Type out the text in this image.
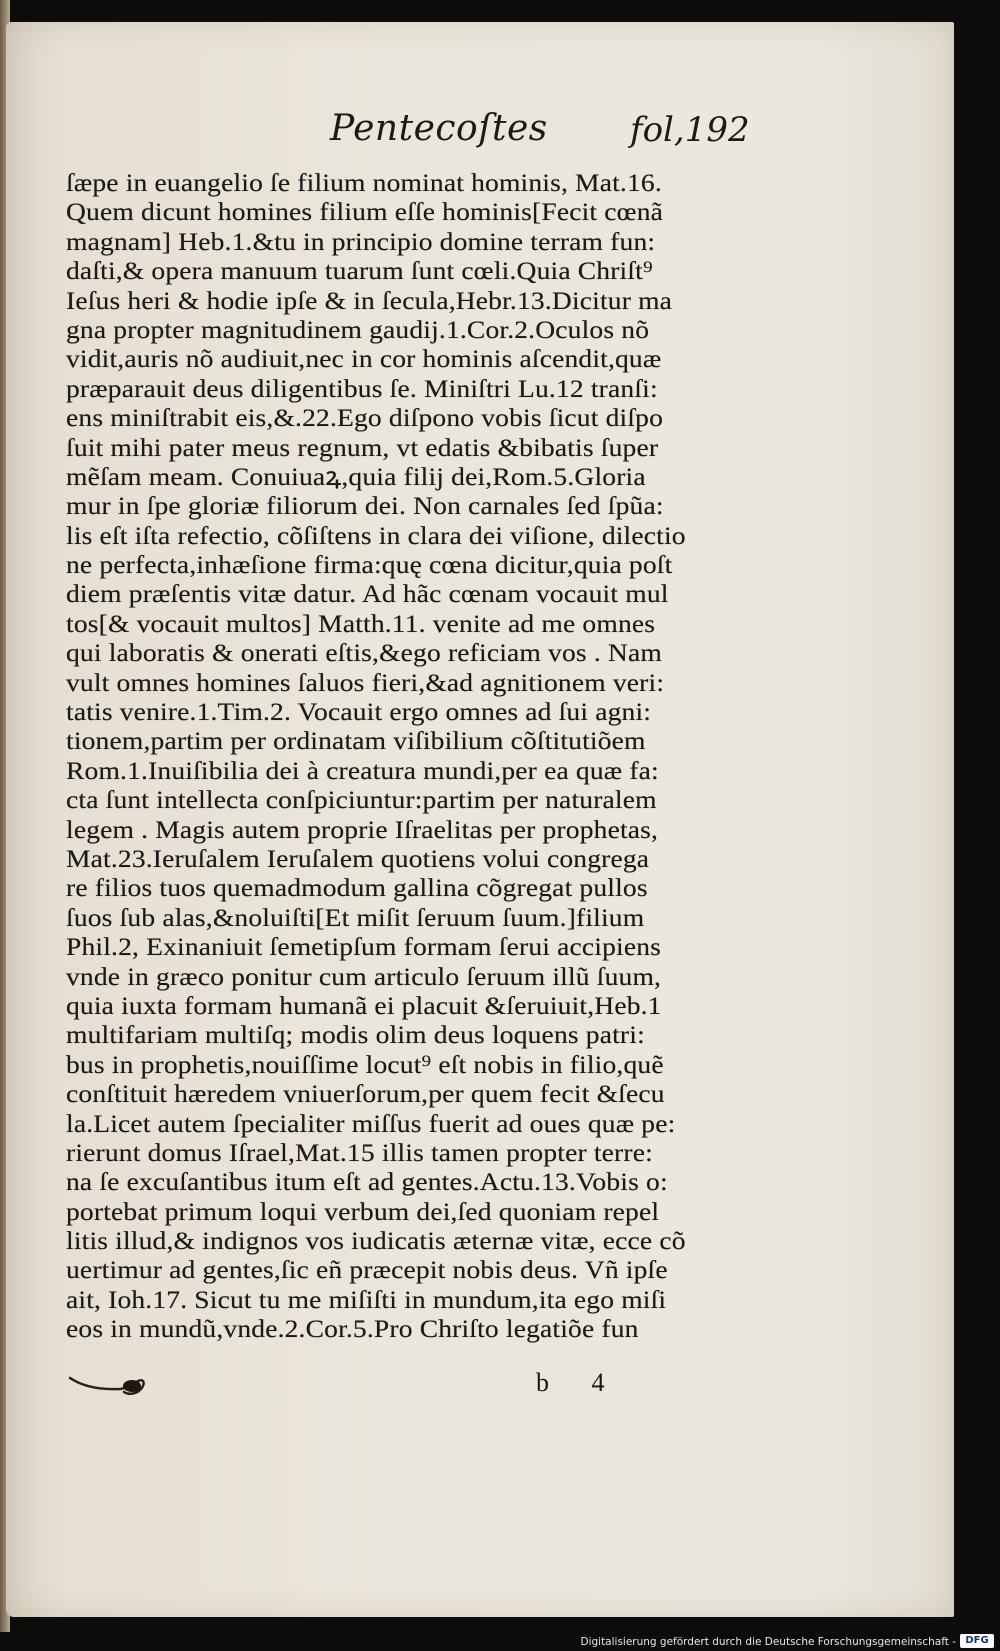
Pentecoſtes fol,192
ſæpe in euangelio ſe filium nominat hominis, Mat.16.
Quem dicunt homines filium eſſe hominis[Fecit cœnã
magnam] Heb.1.&tu in principio domine terram fun:
daſti,& opera manuum tuarum ſunt cœli.Quia Chriſt⁹
Ieſus heri & hodie ipſe & in ſecula,Hebr.13.Dicitur ma
gna propter magnitudinem gaudij.1.Cor.2.Oculos nõ
vidit,auris nõ audiuit,nec in cor hominis aſcendit,quæ
præparauit deus diligentibus ſe. Miniſtri Lu.12 tranſi:
ens miniſtrabit eis,&.22.Ego diſpono vobis ſicut diſpo
ſuit mihi pater meus regnum, vt edatis &bibatis ſuper
mẽſam meam. Conuiuaꝝ,quia filij dei,Rom.5.Gloria
mur in ſpe gloriæ filiorum dei. Non carnales ſed ſpũa:
lis eſt iſta refectio, cõſiſtens in clara dei viſione, dilectio
ne perfecta,inhæſione firma:quę cœna dicitur,quia poſt
diem præſentis vitæ datur. Ad hãc cœnam vocauit mul
tos[& vocauit multos] Matth.11. venite ad me omnes
qui laboratis & onerati eſtis,&ego reficiam vos . Nam
vult omnes homines ſaluos fieri,&ad agnitionem veri:
tatis venire.1.Tim.2. Vocauit ergo omnes ad ſui agni:
tionem,partim per ordinatam viſibilium cõſtitutiõem
Rom.1.Inuiſibilia dei à creatura mundi,per ea quæ fa:
cta ſunt intellecta conſpiciuntur:partim per naturalem
legem . Magis autem proprie Iſraelitas per prophetas,
Mat.23.Ieruſalem Ieruſalem quotiens volui congrega
re filios tuos quemadmodum gallina cõgregat pullos
ſuos ſub alas,&noluiſti[Et miſit ſeruum ſuum.]filium
Phil.2, Exinaniuit ſemetipſum formam ſerui accipiens
vnde in græco ponitur cum articulo ſeruum illũ ſuum,
quia iuxta formam humanã ei placuit &ſeruiuit,Heb.1
multifariam multiſq; modis olim deus loquens patri:
bus in prophetis,nouiſſime locut⁹ eſt nobis in filio,quẽ
conſtituit hæredem vniuerſorum,per quem fecit &ſecu
la.Licet autem ſpecialiter miſſus fuerit ad oues quæ pe:
rierunt domus Iſrael,Mat.15 illis tamen propter terre:
na ſe excuſantibus itum eſt ad gentes.Actu.13.Vobis o:
portebat primum loqui verbum dei,ſed quoniam repel
litis illud,& indignos vos iudicatis æternæ vitæ, ecce cõ
uertimur ad gentes,ſic eñ præcepit nobis deus. Vñ ipſe
ait, Ioh.17. Sicut tu me miſiſti in mundum,ita ego miſi
eos in mundũ,vnde.2.Cor.5.Pro Chriſto legatiõe fun
b 4
Digitalisierung gefördert durch die Deutsche Forschungsgemeinschaft - DFG
